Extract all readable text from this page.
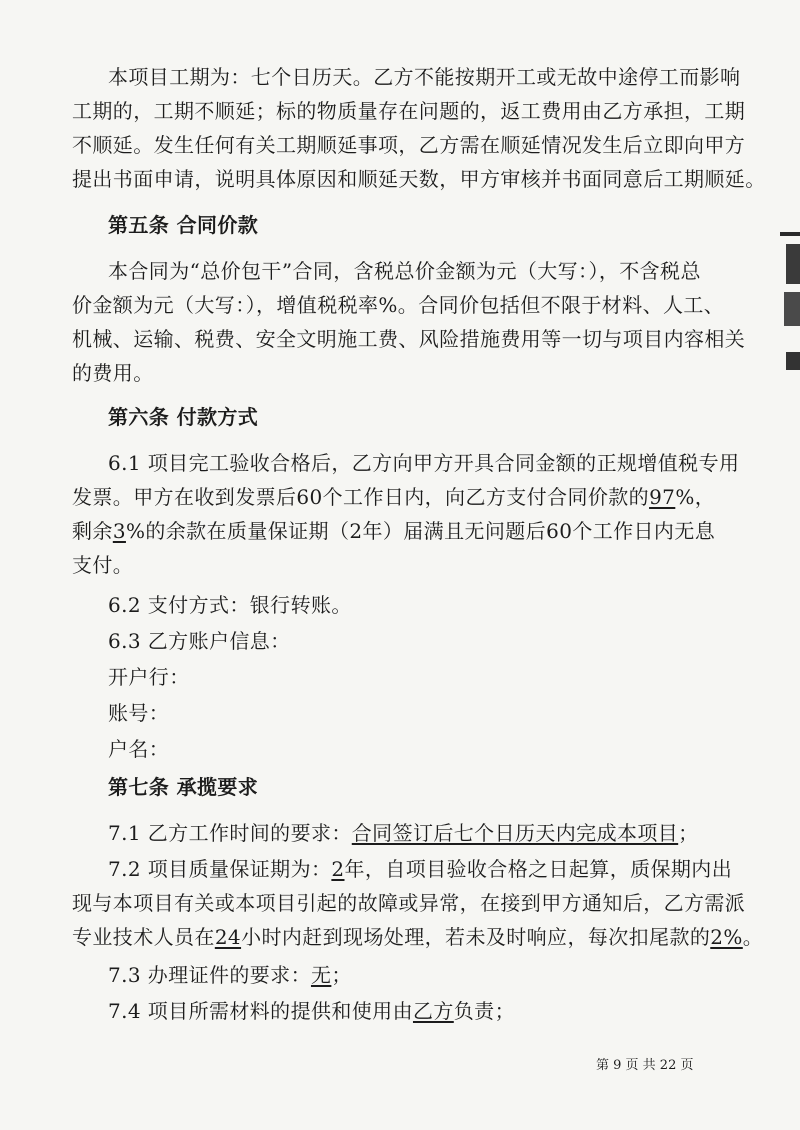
本项目工期为：七个日历天。乙方不能按期开工或无故中途停工而影响
工期的，工期不顺延；标的物质量存在问题的，返工费用由乙方承担，工期
不顺延。发生任何有关工期顺延事项，乙方需在顺延情况发生后立即向甲方
提出书面申请，说明具体原因和顺延天数，甲方审核并书面同意后工期顺延。
第五条 合同价款
本合同为“总价包干”合同，含税总价金额为元（大写：），不含税总
价金额为元（大写：），增值税税率%。合同价包括但不限于材料、人工、
机械、运输、税费、安全文明施工费、风险措施费用等一切与项目内容相关
的费用。
第六条 付款方式
6.1 项目完工验收合格后，乙方向甲方开具合同金额的正规增值税专用
发票。甲方在收到发票后60个工作日内，向乙方支付合同价款的97%，
剩余3%的余款在质量保证期（2年）届满且无问题后60个工作日内无息
支付。
6.2 支付方式：银行转账。
6.3 乙方账户信息：
开户行：
账号：
户名：
第七条 承揽要求
7.1 乙方工作时间的要求：合同签订后七个日历天内完成本项目；
7.2 项目质量保证期为：2年，自项目验收合格之日起算，质保期内出
现与本项目有关或本项目引起的故障或异常，在接到甲方通知后，乙方需派
专业技术人员在24小时内赶到现场处理，若未及时响应，每次扣尾款的2%。
7.3 办理证件的要求：无；
7.4 项目所需材料的提供和使用由乙方负责；
第 9 页 共 22 页
